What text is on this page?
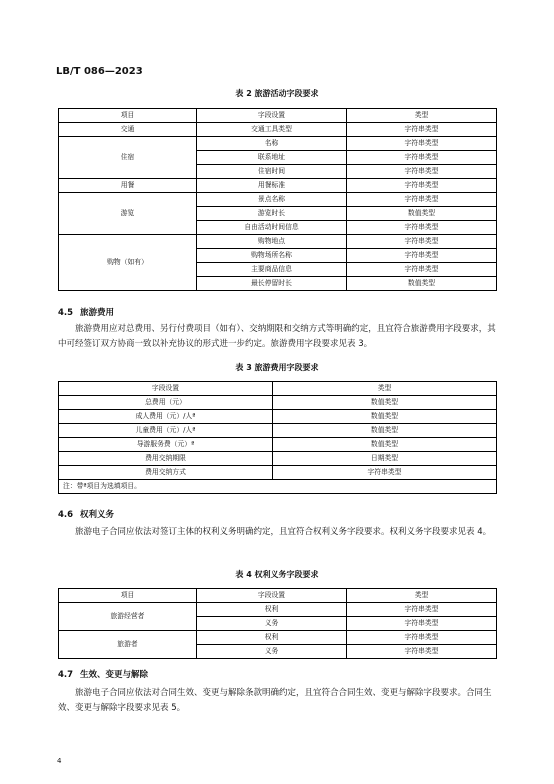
LB/T 086—2023
表 2 旅游活动字段要求
项目	字段设置	类型
交通	交通工具类型	字符串类型
住宿	名称	字符串类型
	联系地址	字符串类型
	住宿时间	字符串类型
用餐	用餐标准	字符串类型
游览	景点名称	字符串类型
	游览时长	数值类型
	自由活动时间信息	字符串类型
购物（如有）	购物地点	字符串类型
	购物场所名称	字符串类型
	主要商品信息	字符串类型
	最长停留时长	数值类型
4.5 旅游费用
旅游费用应对总费用、另行付费项目（如有）、交纳期限和交纳方式等明确约定，且宜符合旅游费用字段要求，其中可经签订双方协商一致以补充协议的形式进一步约定。旅游费用字段要求见表 3。
表 3 旅游费用字段要求
字段设置	类型
总费用（元）	数值类型
成人费用（元）/人ª	数值类型
儿童费用（元）/人ª	数值类型
导游服务费（元）ª	数值类型
费用交纳期限	日期类型
费用交纳方式	字符串类型
注：带ª项目为选填项目。	
4.6 权利义务
旅游电子合同应依法对签订主体的权利义务明确约定，且宜符合权利义务字段要求。权利义务字段要求见表 4。
表 4 权利义务字段要求
项目	字段设置	类型
旅游经营者	权利	字符串类型
	义务	字符串类型
旅游者	权利	字符串类型
	义务	字符串类型
4.7 生效、变更与解除
旅游电子合同应依法对合同生效、变更与解除条款明确约定，且宜符合合同生效、变更与解除字段要求。合同生效、变更与解除字段要求见表 5。
4
